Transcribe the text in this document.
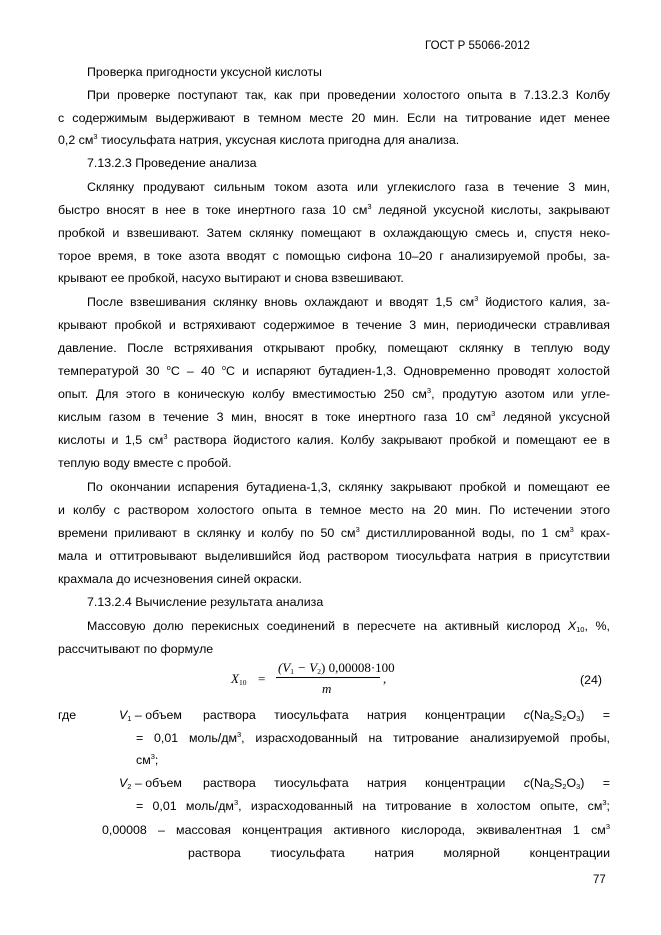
ГОСТ Р 55066-2012
Проверка пригодности уксусной кислоты
При проверке поступают так, как при проведении холостого опыта в 7.13.2.3 Колбу
с содержимым выдерживают в темном месте 20 мин. Если на титрование идет менее
0,2 $см^3$ тиосульфата натрия, уксусная кислота пригодна для анализа.
7.13.2.3 Проведение анализа
Склянку продувают сильным током азота или углекислого газа в течение 3 мин,
быстро вносят в нее в токе инертного газа 10 $см^3$ ледяной уксусной кислоты, закрывают
пробкой и взвешивают. Затем склянку помещают в охлаждающую смесь и, спустя неко-
торое время, в токе азота вводят с помощью сифона 10–20 г анализируемой пробы, за-
крывают ее пробкой, насухо вытирают и снова взвешивают.
После взвешивания склянку вновь охлаждают и вводят 1,5 $см^3$ йодистого калия, за-
крывают пробкой и встряхивают содержимое в течение 3 мин, периодически стравливая
давление. После встряхивания открывают пробку, помещают склянку в теплую воду
температурой 30 $^o$С – 40 $^o$С и испаряют бутадиен-1,3. Одновременно проводят холостой
опыт. Для этого в коническую колбу вместимостью 250 $см^3$, продутую азотом или угле-
кислым газом в течение 3 мин, вносят в токе инертного газа 10 $см^3$ ледяной уксусной
кислоты и 1,5 $см^3$ раствора йодистого калия. Колбу закрывают пробкой и помещают ее в
теплую воду вместе с пробой.
По окончании испарения бутадиена-1,3, склянку закрывают пробкой и помещают ее
и колбу с раствором холостого опыта в темное место на 20 мин. По истечении этого
времени приливают в склянку и колбу по 50 $см^3$ дистиллированной воды, по 1 $см^3$ крах-
мала и оттитровывают выделившийся йод раствором тиосульфата натрия в присутствии
крахмала до исчезновения синей окраски.
7.13.2.4 Вычисление результата анализа
Массовую долю перекисных соединений в пересчете на активный кислород $X_{10}$, %,
рассчитывают по формуле
$X_{10}$ =
$(V_1 - V_2)$ 0,00008·100
m
,	(24)
где	$V_1$ – объем раствора тиосульфата натрия концентрации $c(Na_2S_2O_3)$ =
= 0,01 моль/$дм^3$, израсходованный на титрование анализируемой пробы,
$см^3$;
$V_2$ – объем раствора тиосульфата натрия концентрации $c(Na_2S_2O_3)$ =
= 0,01 моль/$дм^3$, израсходованный на титрование в холостом опыте, $см^3$;
0,00008 – массовая концентрация активного кислорода, эквивалентная 1 $см^3$
раствора тиосульфата натрия молярной концентрации
77
